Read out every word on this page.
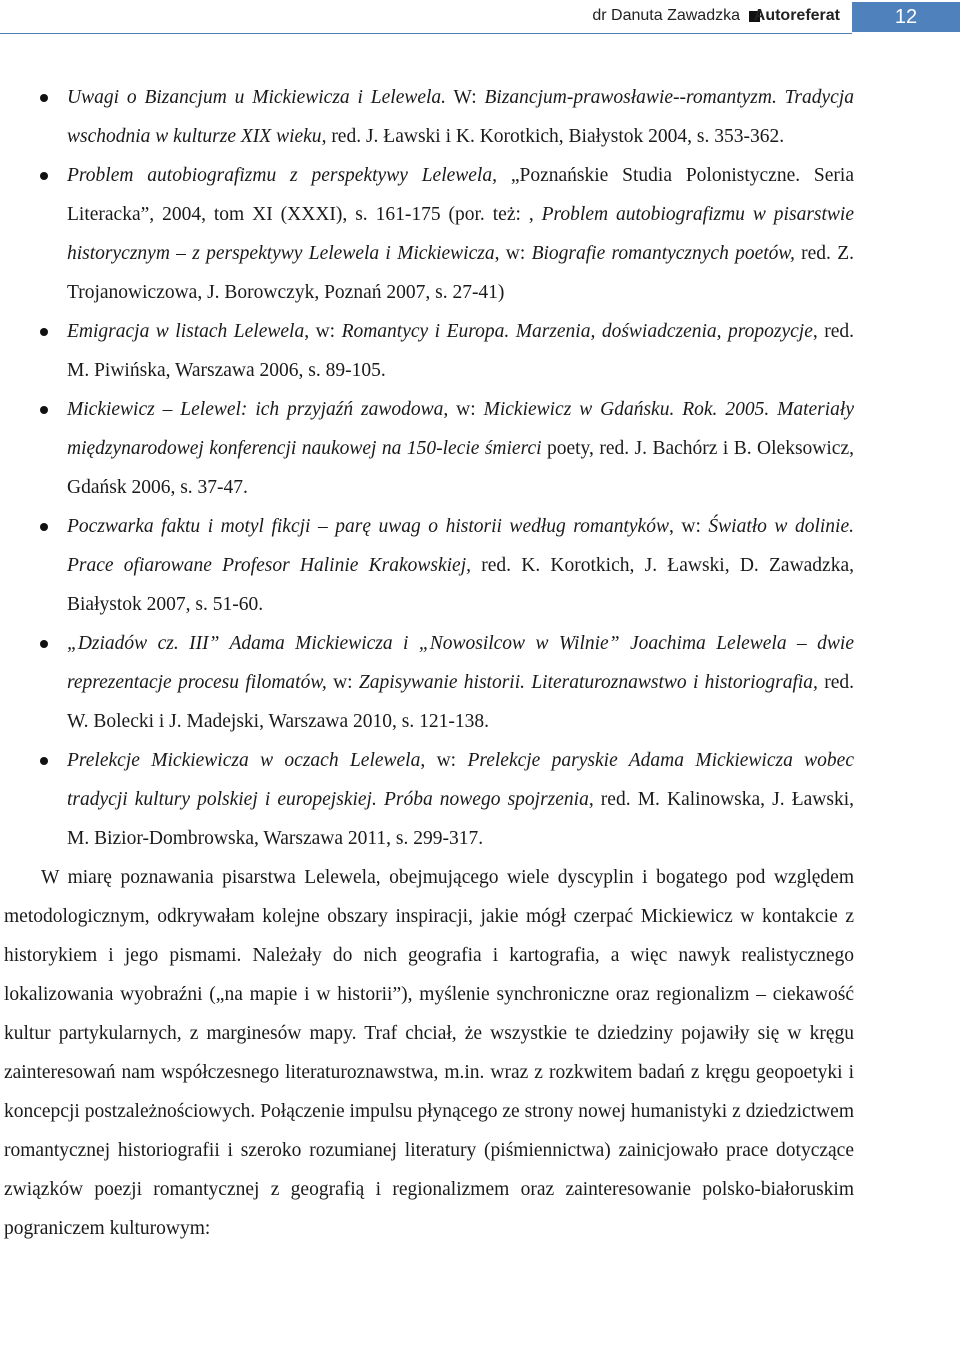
dr Danuta Zawadzka Autoreferat	12
Uwagi o Bizancjum u Mickiewicza i Lelewela. W: Bizancjum-prawosławie--romantyzm. Tradycja wschodnia w kulturze XIX wieku, red. J. Ławski i K. Korotkich, Białystok 2004, s. 353-362.
Problem autobiografizmu z perspektywy Lelewela, „Poznańskie Studia Polonistyczne. Seria Literacka”, 2004, tom XI (XXXI), s. 161-175 (por. też: , Problem autobiografizmu w pisarstwie historycznym – z perspektywy Lelewela i Mickiewicza, w: Biografie romantycznych poetów, red. Z. Trojanowiczowa, J. Borowczyk, Poznań 2007, s. 27-41)
Emigracja w listach Lelewela, w: Romantycy i Europa. Marzenia, doświadczenia, propozycje, red. M. Piwińska, Warszawa 2006, s. 89-105.
Mickiewicz – Lelewel: ich przyjaźń zawodowa, w: Mickiewicz w Gdańsku. Rok. 2005. Materiały międzynarodowej konferencji naukowej na 150-lecie śmierci poety, red. J. Bachórz i B. Oleksowicz, Gdańsk 2006, s. 37-47.
Poczwarka faktu i motyl fikcji – parę uwag o historii według romantyków, w: Światło w dolinie. Prace ofiarowane Profesor Halinie Krakowskiej, red. K. Korotkich, J. Ławski, D. Zawadzka, Białystok 2007, s. 51-60.
„Dziadów cz. III” Adama Mickiewicza i „Nowosilcow w Wilnie” Joachima Lelewela – dwie reprezentacje procesu filomatów, w: Zapisywanie historii. Literaturoznawstwo i historiografia, red. W. Bolecki i J. Madejski, Warszawa 2010, s. 121-138.
Prelekcje Mickiewicza w oczach Lelewela, w: Prelekcje paryskie Adama Mickiewicza wobec tradycji kultury polskiej i europejskiej. Próba nowego spojrzenia, red. M. Kalinowska, J. Ławski, M. Bizior-Dombrowska, Warszawa 2011, s. 299-317.

W miarę poznawania pisarstwa Lelewela, obejmującego wiele dyscyplin i bogatego pod względem metodologicznym, odkrywałam kolejne obszary inspiracji, jakie mógł czerpać Mickiewicz w kontakcie z historykiem i jego pismami. Należały do nich geografia i kartografia, a więc nawyk realistycznego lokalizowania wyobraźni („na mapie i w historii”), myślenie synchroniczne oraz regionalizm – ciekawość kultur partykularnych, z marginesów mapy. Traf chciał, że wszystkie te dziedziny pojawiły się w kręgu zainteresowań nam współczesnego literaturoznawstwa, m.in. wraz z rozkwitem badań z kręgu geopoetyki i koncepcji postzależnościowych. Połączenie impulsu płynącego ze strony nowej humanistyki z dziedzictwem romantycznej historiografii i szeroko rozumianej literatury (piśmiennictwa) zainicjowało prace dotyczące związków poezji romantycznej z geografią i regionalizmem oraz zainteresowanie polsko-białoruskim pograniczem kulturowym:
